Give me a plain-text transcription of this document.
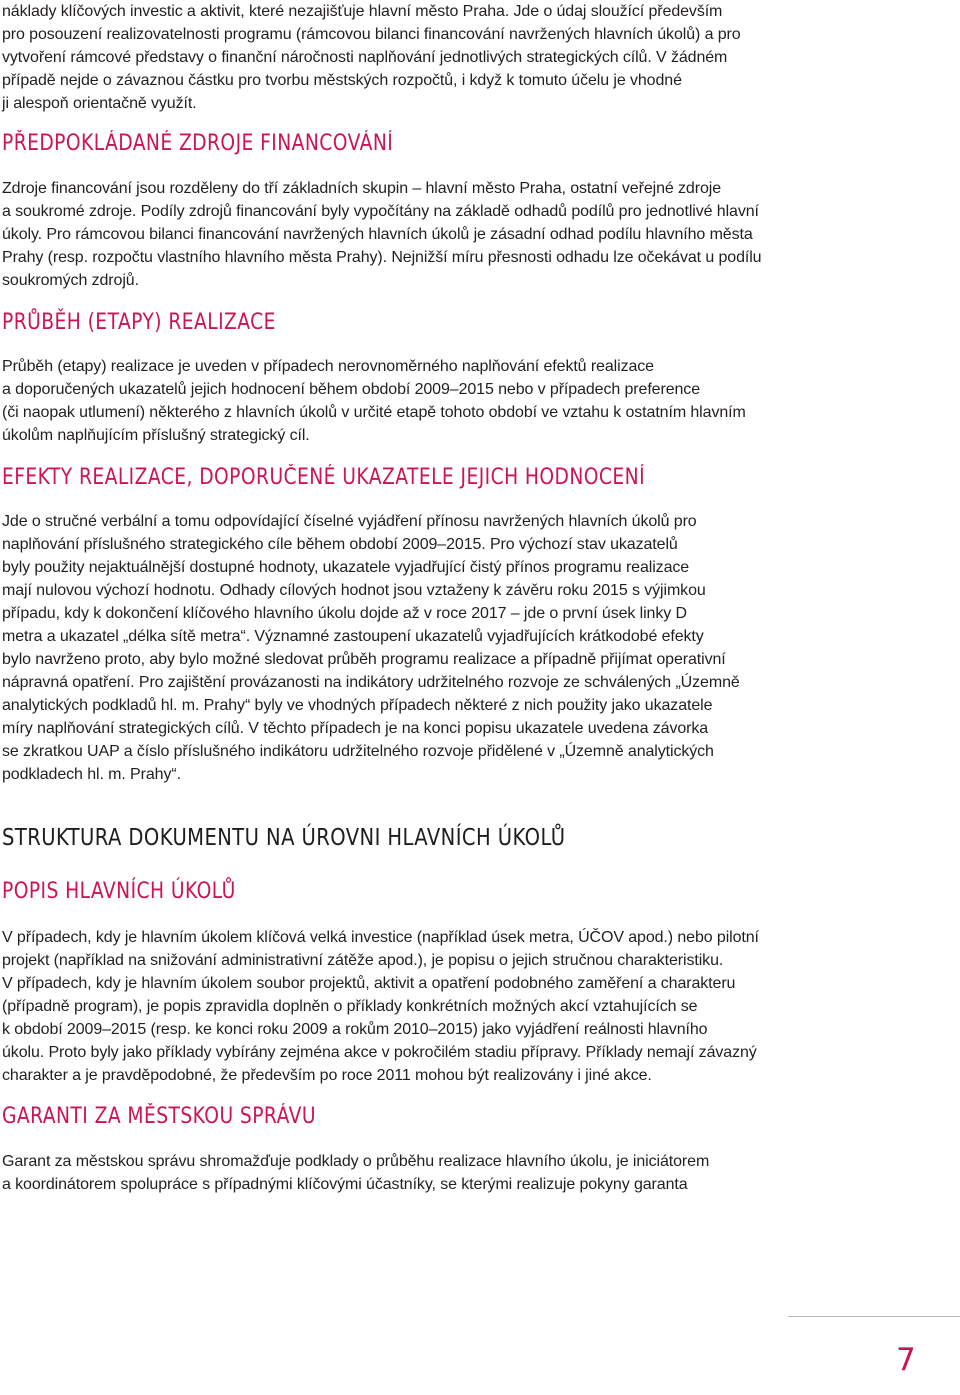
náklady klíčových investic a aktivit, které nezajišťuje hlavní město Praha. Jde o údaj sloužící především
pro posouzení realizovatelnosti programu (rámcovou bilanci financování navržených hlavních úkolů) a pro
vytvoření rámcové představy o finanční náročnosti naplňování jednotlivých strategických cílů. V žádném
případě nejde o závaznou částku pro tvorbu městských rozpočtů, i když k tomuto účelu je vhodné
ji alespoň orientačně využít.

PŘEDPOKLÁDANÉ ZDROJE FINANCOVÁNÍ

Zdroje financování jsou rozděleny do tří základních skupin – hlavní město Praha, ostatní veřejné zdroje
a soukromé zdroje. Podíly zdrojů financování byly vypočítány na základě odhadů podílů pro jednotlivé hlavní
úkoly. Pro rámcovou bilanci financování navržených hlavních úkolů je zásadní odhad podílu hlavního města
Prahy (resp. rozpočtu vlastního hlavního města Prahy). Nejnižší míru přesnosti odhadu lze očekávat u podílu
soukromých zdrojů.

PRŮBĚH (ETAPY) REALIZACE

Průběh (etapy) realizace je uveden v případech nerovnoměrného naplňování efektů realizace
a doporučených ukazatelů jejich hodnocení během období 2009–2015 nebo v případech preference
(či naopak utlumení) některého z hlavních úkolů v určité etapě tohoto období ve vztahu k ostatním hlavním
úkolům naplňujícím příslušný strategický cíl.

EFEKTY REALIZACE, DOPORUČENÉ UKAZATELE JEJICH HODNOCENÍ

Jde o stručné verbální a tomu odpovídající číselné vyjádření přínosu navržených hlavních úkolů pro
naplňování příslušného strategického cíle během období 2009–2015. Pro výchozí stav ukazatelů
byly použity nejaktuálnější dostupné hodnoty, ukazatele vyjadřující čistý přínos programu realizace
mají nulovou výchozí hodnotu. Odhady cílových hodnot jsou vztaženy k závěru roku 2015 s výjimkou
případu, kdy k dokončení klíčového hlavního úkolu dojde až v roce 2017 – jde o první úsek linky D
metra a ukazatel „délka sítě metra“. Významné zastoupení ukazatelů vyjadřujících krátkodobé efekty
bylo navrženo proto, aby bylo možné sledovat průběh programu realizace a případně přijímat operativní
nápravná opatření. Pro zajištění provázanosti na indikátory udržitelného rozvoje ze schválených „Územně
analytických podkladů hl. m. Prahy“ byly ve vhodných případech některé z nich použity jako ukazatele
míry naplňování strategických cílů. V těchto případech je na konci popisu ukazatele uvedena závorka
se zkratkou UAP a číslo příslušného indikátoru udržitelného rozvoje přidělené v „Územně analytických
podkladech hl. m. Prahy“.

STRUKTURA DOKUMENTU NA ÚROVNI HLAVNÍCH ÚKOLŮ
POPIS HLAVNÍCH ÚKOLŮ

V případech, kdy je hlavním úkolem klíčová velká investice (například úsek metra, ÚČOV apod.) nebo pilotní
projekt (například na snižování administrativní zátěže apod.), je popisu o jejich stručnou charakteristiku.
V případech, kdy je hlavním úkolem soubor projektů, aktivit a opatření podobného zaměření a charakteru
(případně program), je popis zpravidla doplněn o příklady konkrétních možných akcí vztahujících se
k období 2009–2015 (resp. ke konci roku 2009 a rokům 2010–2015) jako vyjádření reálnosti hlavního
úkolu. Proto byly jako příklady vybírány zejména akce v pokročilém stadiu přípravy. Příklady nemají závazný
charakter a je pravděpodobné, že především po roce 2011 mohou být realizovány i jiné akce.

GARANTI ZA MĚSTSKOU SPRÁVU

Garant za městskou správu shromažďuje podklady o průběhu realizace hlavního úkolu, je iniciátorem
a koordinátorem spolupráce s případnými klíčovými účastníky, se kterými realizuje pokyny garanta

7
